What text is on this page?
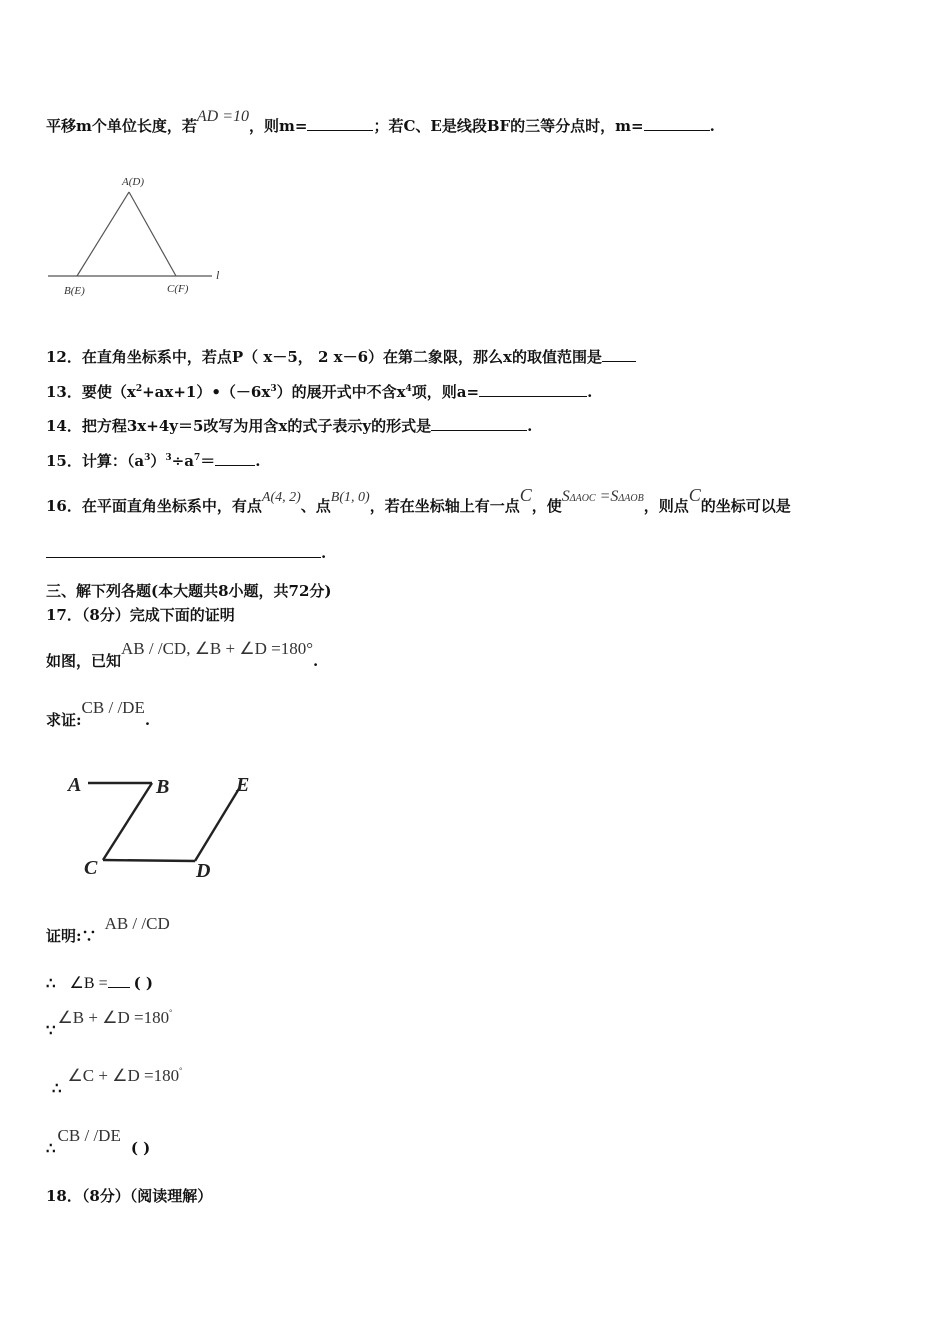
平移m个单位长度，若AD =10，则m=	；若C、E是线段BF的三等分点时，m=	.
A(D)
B(E)	C(F)
l
12．在直角坐标系中，若点P（ x－5， 2 x－6）在第二象限，那么x的取值范围是
13．要使$(x^2+ax+1)•(-6x^3)$的展开式中不含$x^4$项，则a=	.
14．把方程3x+4y＝5改写为用含x的式子表示y的形式是	.
15．计算：$(a^3)^3\div a^7=$	.
16．在平面直角坐标系中，有点A(4, 2)、点B(1, 0)，若在坐标轴上有一点C，使SΔAOC =SΔAOB，则点C的坐标可以是
.
三、解下列各题(本大题共8小题，共72分)
17．（8分）完成下面的证明
如图，已知AB / /CD, ∠B + ∠D =180°.
求证:CB / /DE.
A	B
C	D
E
证明:∵AB / /CD
∴ ∠B = ( )
∵∠B + ∠D =180°
∴∠C + ∠D =180°
∴CB / /DE( )
18．（8分）（阅读理解）
